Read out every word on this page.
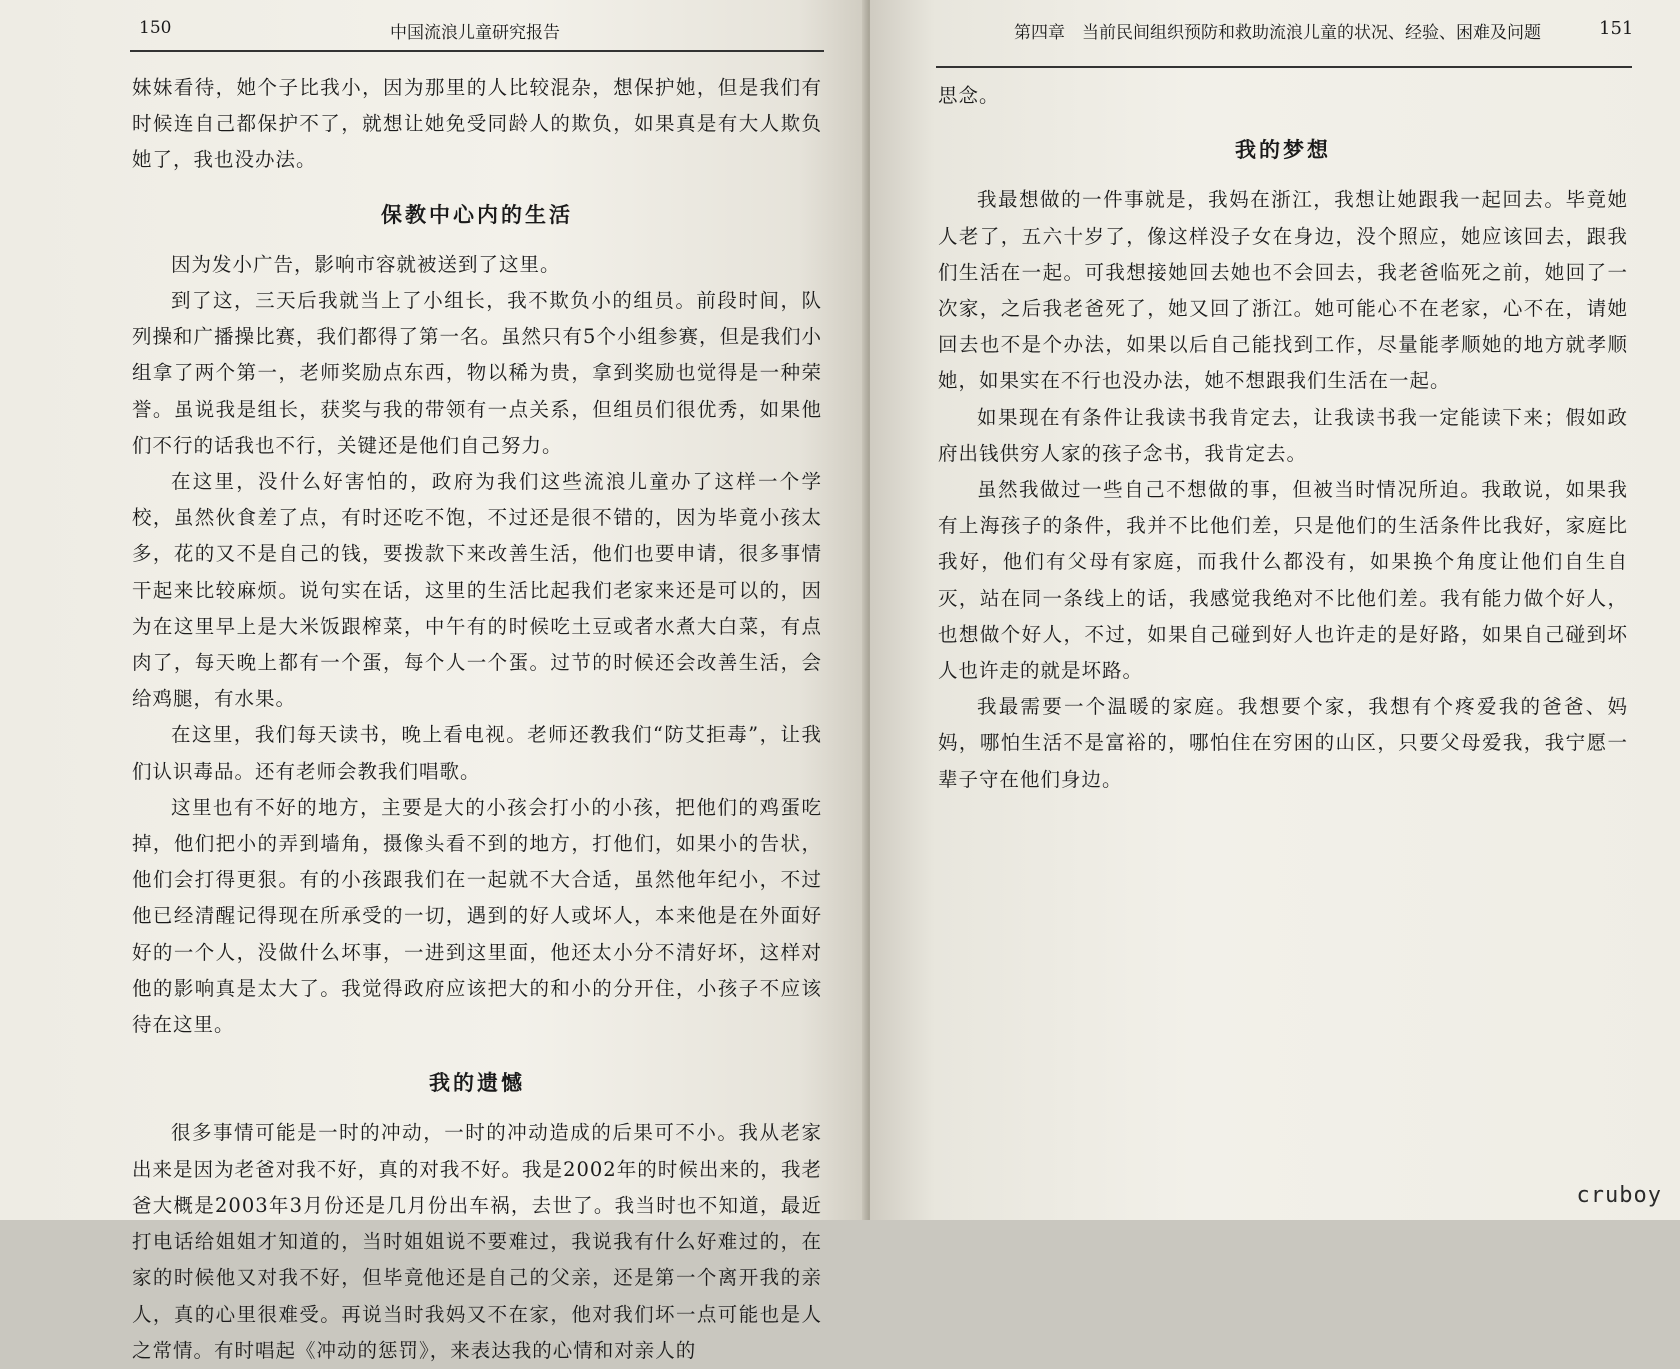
150	中国流浪儿童研究报告

妹妹看待，她个子比我小，因为那里的人比较混杂，想保护她，但是我们有时候连自己都保护不了，就想让她免受同龄人的欺负，如果真是有大人欺负她了，我也没办法。

保教中心内的生活

因为发小广告，影响市容就被送到了这里。

到了这，三天后我就当上了小组长，我不欺负小的组员。前段时间，队列操和广播操比赛，我们都得了第一名。虽然只有5个小组参赛，但是我们小组拿了两个第一，老师奖励点东西，物以稀为贵，拿到奖励也觉得是一种荣誉。虽说我是组长，获奖与我的带领有一点关系，但组员们很优秀，如果他们不行的话我也不行，关键还是他们自己努力。

在这里，没什么好害怕的，政府为我们这些流浪儿童办了这样一个学校，虽然伙食差了点，有时还吃不饱，不过还是很不错的，因为毕竟小孩太多，花的又不是自己的钱，要拨款下来改善生活，他们也要申请，很多事情干起来比较麻烦。说句实在话，这里的生活比起我们老家来还是可以的，因为在这里早上是大米饭跟榨菜，中午有的时候吃土豆或者水煮大白菜，有点肉了，每天晚上都有一个蛋，每个人一个蛋。过节的时候还会改善生活，会给鸡腿，有水果。

在这里，我们每天读书，晚上看电视。老师还教我们“防艾拒毒”，让我们认识毒品。还有老师会教我们唱歌。

这里也有不好的地方，主要是大的小孩会打小的小孩，把他们的鸡蛋吃掉，他们把小的弄到墙角，摄像头看不到的地方，打他们，如果小的告状，他们会打得更狠。有的小孩跟我们在一起就不大合适，虽然他年纪小，不过他已经清醒记得现在所承受的一切，遇到的好人或坏人，本来他是在外面好好的一个人，没做什么坏事，一进到这里面，他还太小分不清好坏，这样对他的影响真是太大了。我觉得政府应该把大的和小的分开住，小孩子不应该待在这里。

我的遗憾

很多事情可能是一时的冲动，一时的冲动造成的后果可不小。我从老家出来是因为老爸对我不好，真的对我不好。我是2002年的时候出来的，我老爸大概是2003年3月份还是几月份出车祸，去世了。我当时也不知道，最近打电话给姐姐才知道的，当时姐姐说不要难过，我说我有什么好难过的，在家的时候他又对我不好，但毕竟他还是自己的父亲，还是第一个离开我的亲人，真的心里很难受。再说当时我妈又不在家，他对我们坏一点可能也是人之常情。有时唱起《冲动的惩罚》，来表达我的心情和对亲人的

第四章　当前民间组织预防和救助流浪儿童的状况、经验、困难及问题	151

思念。

我的梦想

我最想做的一件事就是，我妈在浙江，我想让她跟我一起回去。毕竟她人老了，五六十岁了，像这样没子女在身边，没个照应，她应该回去，跟我们生活在一起。可我想接她回去她也不会回去，我老爸临死之前，她回了一次家，之后我老爸死了，她又回了浙江。她可能心不在老家，心不在，请她回去也不是个办法，如果以后自己能找到工作，尽量能孝顺她的地方就孝顺她，如果实在不行也没办法，她不想跟我们生活在一起。

如果现在有条件让我读书我肯定去，让我读书我一定能读下来；假如政府出钱供穷人家的孩子念书，我肯定去。

虽然我做过一些自己不想做的事，但被当时情况所迫。我敢说，如果我有上海孩子的条件，我并不比他们差，只是他们的生活条件比我好，家庭比我好，他们有父母有家庭，而我什么都没有，如果换个角度让他们自生自灭，站在同一条线上的话，我感觉我绝对不比他们差。我有能力做个好人，也想做个好人，不过，如果自己碰到好人也许走的是好路，如果自己碰到坏人也许走的就是坏路。

我最需要一个温暖的家庭。我想要个家，我想有个疼爱我的爸爸、妈妈，哪怕生活不是富裕的，哪怕住在穷困的山区，只要父母爱我，我宁愿一辈子守在他们身边。

cruboy
